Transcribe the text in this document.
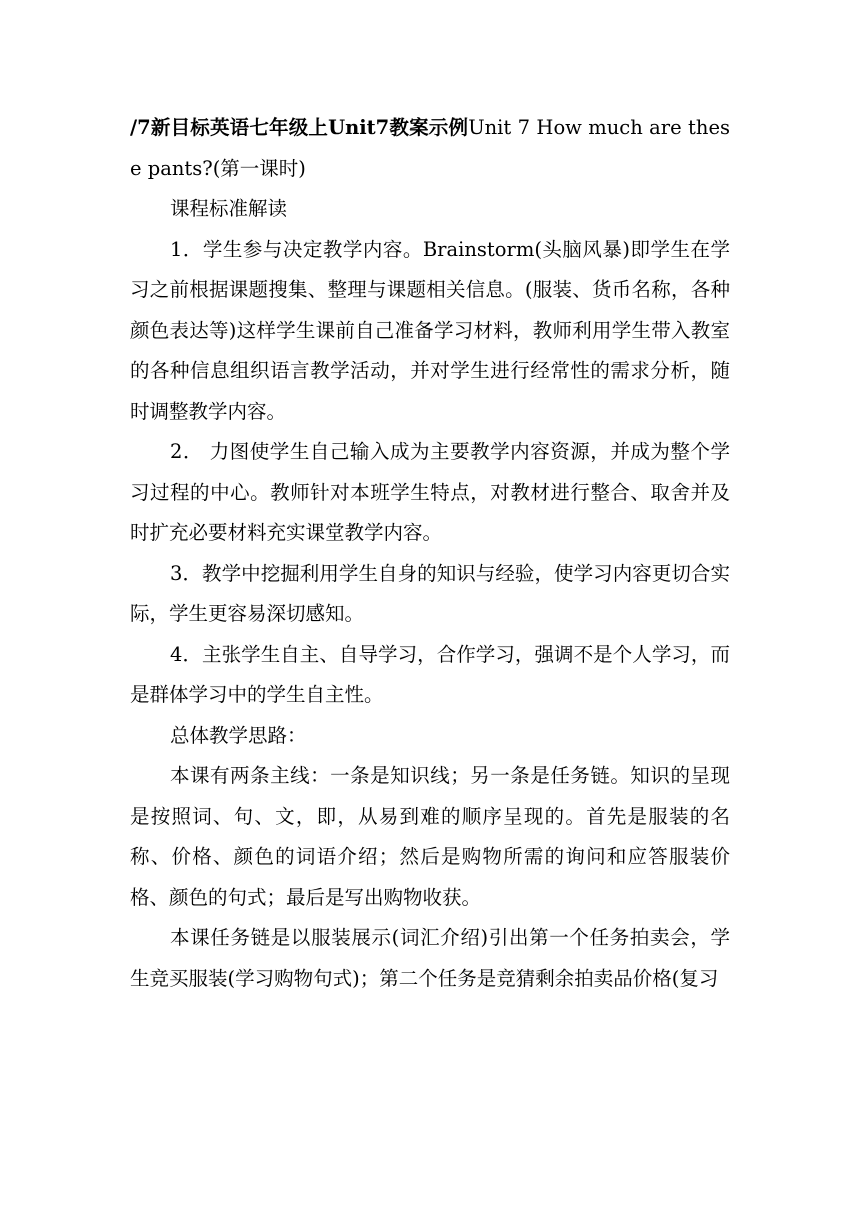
/7新目标英语七年级上Unit7教案示例Unit 7 How much are these pants?(第一课时)

课程标准解读

1．学生参与决定教学内容。Brainstorm(头脑风暴)即学生在学习之前根据课题搜集、整理与课题相关信息。(服装、货币名称，各种颜色表达等)这样学生课前自己准备学习材料，教师利用学生带入教室的各种信息组织语言教学活动，并对学生进行经常性的需求分析，随时调整教学内容。

2． 力图使学生自己输入成为主要教学内容资源，并成为整个学习过程的中心。教师针对本班学生特点，对教材进行整合、取舍并及时扩充必要材料充实课堂教学内容。

3．教学中挖掘利用学生自身的知识与经验，使学习内容更切合实际，学生更容易深切感知。

4．主张学生自主、自导学习，合作学习，强调不是个人学习，而是群体学习中的学生自主性。

总体教学思路：

本课有两条主线：一条是知识线；另一条是任务链。知识的呈现是按照词、句、文，即，从易到难的顺序呈现的。首先是服装的名称、价格、颜色的词语介绍；然后是购物所需的询问和应答服装价格、颜色的句式；最后是写出购物收获。

本课任务链是以服装展示(词汇介绍)引出第一个任务拍卖会，学生竞买服装(学习购物句式)；第二个任务是竞猜剩余拍卖品价格(复习
